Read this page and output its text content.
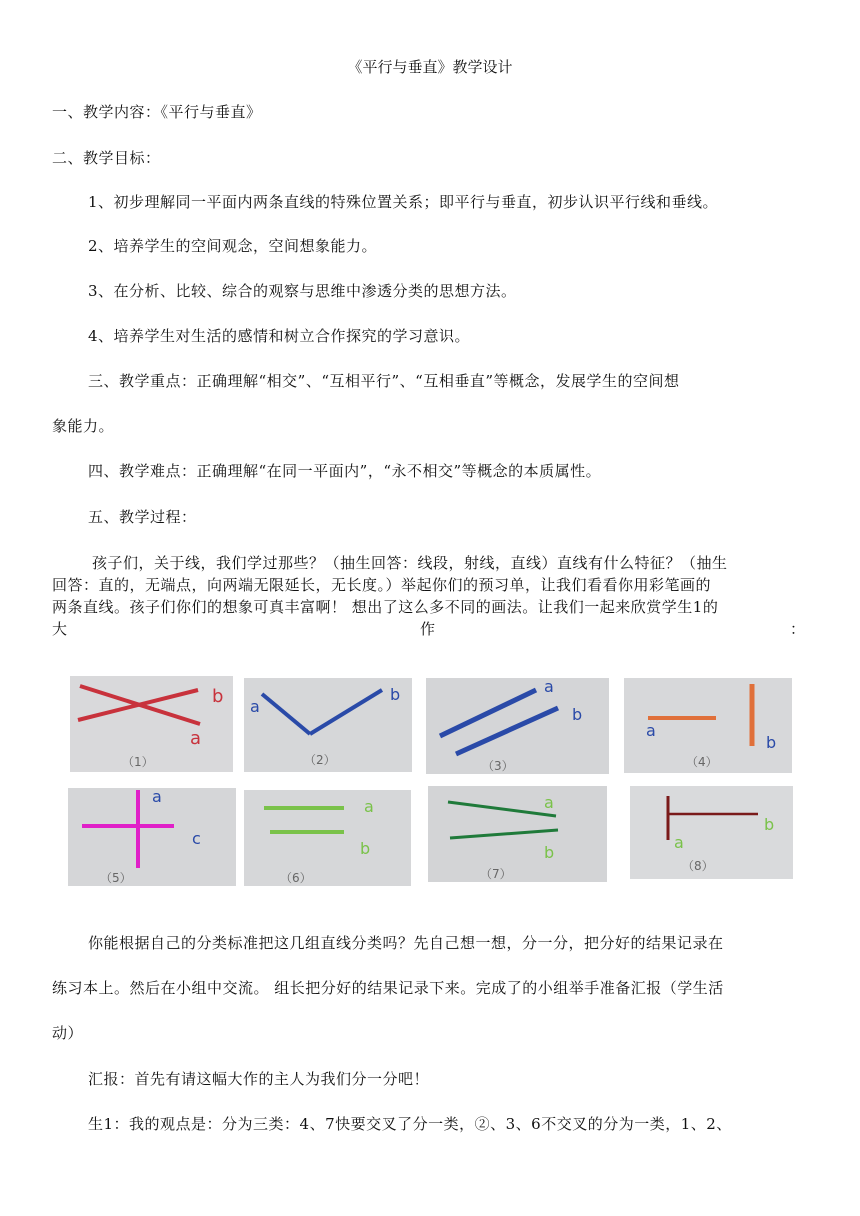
《平行与垂直》教学设计
一、教学内容：《平行与垂直》
二、教学目标：
1、初步理解同一平面内两条直线的特殊位置关系；即平行与垂直，初步认识平行线和垂线。
2、培养学生的空间观念，空间想象能力。
3、在分析、比较、综合的观察与思维中渗透分类的思想方法。
4、培养学生对生活的感情和树立合作探究的学习意识。
三、教学重点：正确理解“相交”、“互相平行”、“互相垂直”等概念，发展学生的空间想
象能力。
四、教学难点：正确理解“在同一平面内”，“永不相交”等概念的本质属性。
五、教学过程：
孩子们，关于线，我们学过那些？（抽生回答：线段，射线，直线）直线有什么特征？（抽生
回答：直的，无端点，向两端无限延长，无长度。）举起你们的预习单，让我们看看你用彩笔画的
两条直线。孩子们你们的想象可真丰富啊！ 想出了这么多不同的画法。让我们一起来欣赏学生1的
大	作	：
b
a
（1）
a
b
（2）
a
b
（3）
a
b
（4）
a
c
（5）
a
b
（6）
a
b
（7）
a
b
（8）
你能根据自己的分类标准把这几组直线分类吗？先自己想一想，分一分，把分好的结果记录在
练习本上。然后在小组中交流。 组长把分好的结果记录下来。完成了的小组举手准备汇报（学生活
动）
汇报：首先有请这幅大作的主人为我们分一分吧！
生1：我的观点是：分为三类：4、7快要交叉了分一类，②、3、6不交叉的分为一类，1、2、
